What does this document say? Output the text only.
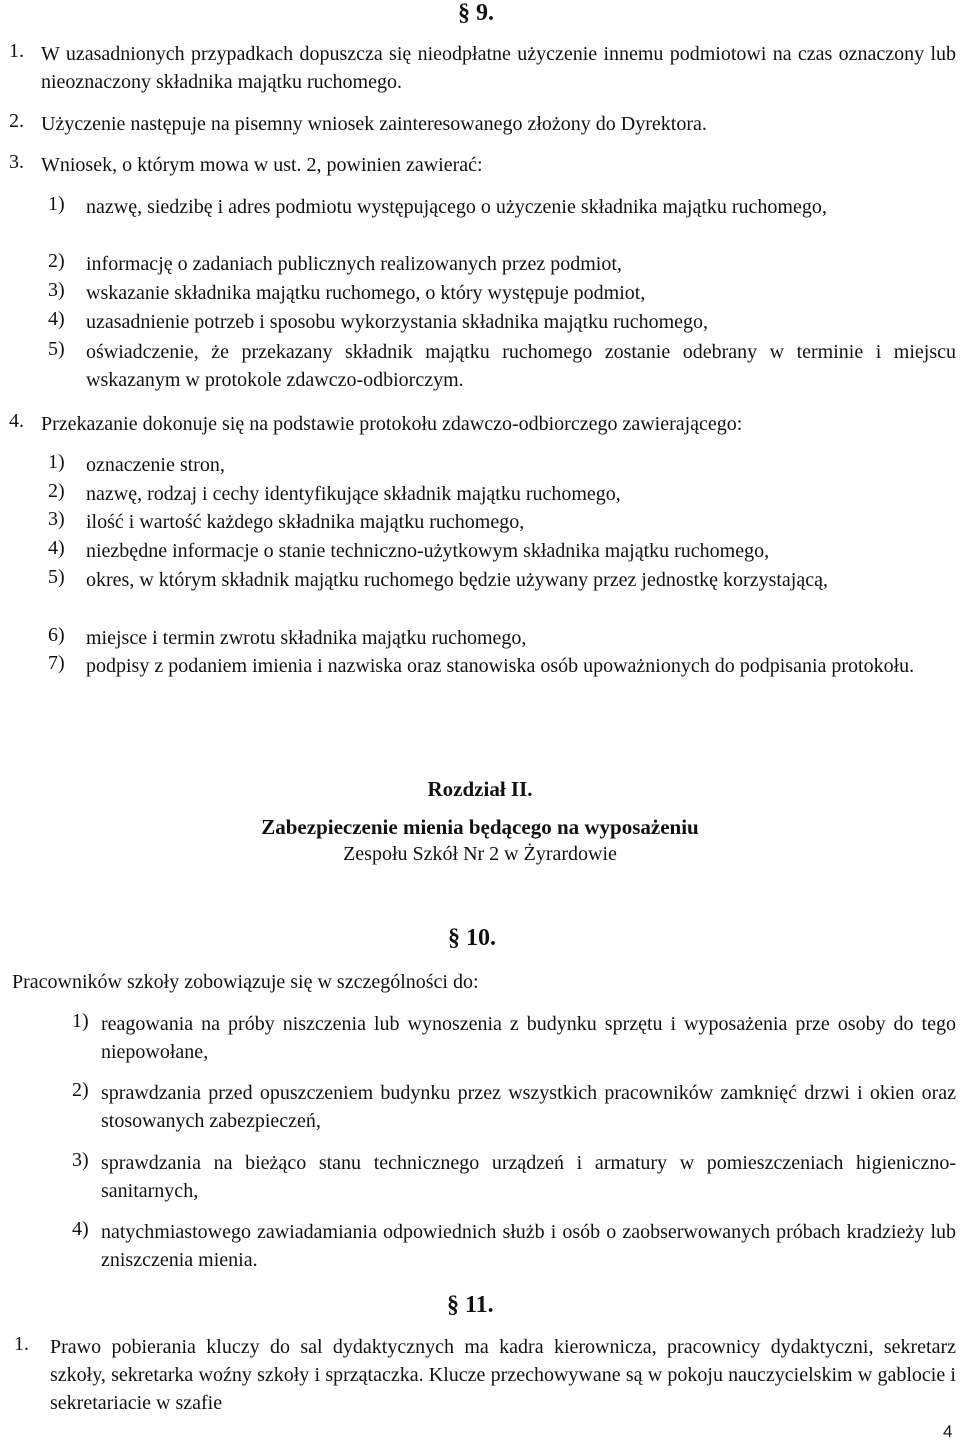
§ 9.
1. W uzasadnionych przypadkach dopuszcza się nieodpłatne użyczenie innemu podmiotowi na czas oznaczony lub nieoznaczony składnika majątku ruchomego.
2. Użyczenie następuje na pisemny wniosek zainteresowanego złożony do Dyrektora.
3. Wniosek, o którym mowa w ust. 2, powinien zawierać:
1) nazwę, siedzibę i adres podmiotu występującego o użyczenie składnika majątku ruchomego,
2) informację o zadaniach publicznych realizowanych przez podmiot,
3) wskazanie składnika majątku ruchomego, o który występuje podmiot,
4) uzasadnienie potrzeb i sposobu wykorzystania składnika majątku ruchomego,
5) oświadczenie, że przekazany składnik majątku ruchomego zostanie odebrany w terminie i miejscu wskazanym w protokole zdawczo-odbiorczym.
4. Przekazanie dokonuje się na podstawie protokołu zdawczo-odbiorczego zawierającego:
1) oznaczenie stron,
2) nazwę, rodzaj i cechy identyfikujące składnik majątku ruchomego,
3) ilość i wartość każdego składnika majątku ruchomego,
4) niezbędne informacje o stanie techniczno-użytkowym składnika majątku ruchomego,
5) okres, w którym składnik majątku ruchomego będzie używany przez jednostkę korzystającą,
6) miejsce i termin zwrotu składnika majątku ruchomego,
7) podpisy z podaniem imienia i nazwiska oraz stanowiska osób upoważnionych do podpisania protokołu.
Rozdział II.
Zabezpieczenie mienia będącego na wyposażeniu
Zespołu Szkół Nr 2 w Żyrardowie
§ 10.
Pracowników szkoły zobowiązuje się w szczególności do:
1) reagowania na próby niszczenia lub wynoszenia z budynku sprzętu i wyposażenia prze osoby do tego niepowołane,
2) sprawdzania przed opuszczeniem budynku przez wszystkich pracowników zamknięć drzwi i okien oraz stosowanych zabezpieczeń,
3) sprawdzania na bieżąco stanu technicznego urządzeń i armatury w pomieszczeniach higieniczno-sanitarnych,
4) natychmiastowego zawiadamiania odpowiednich służb i osób o zaobserwowanych próbach kradzieży lub zniszczenia mienia.
§ 11.
1. Prawo pobierania kluczy do sal dydaktycznych ma kadra kierownicza, pracownicy dydaktyczni, sekretarz szkoły, sekretarka woźny szkoły i sprzątaczka. Klucze przechowywane są w pokoju nauczycielskim w gablocie i sekretariacie w szafie
4
